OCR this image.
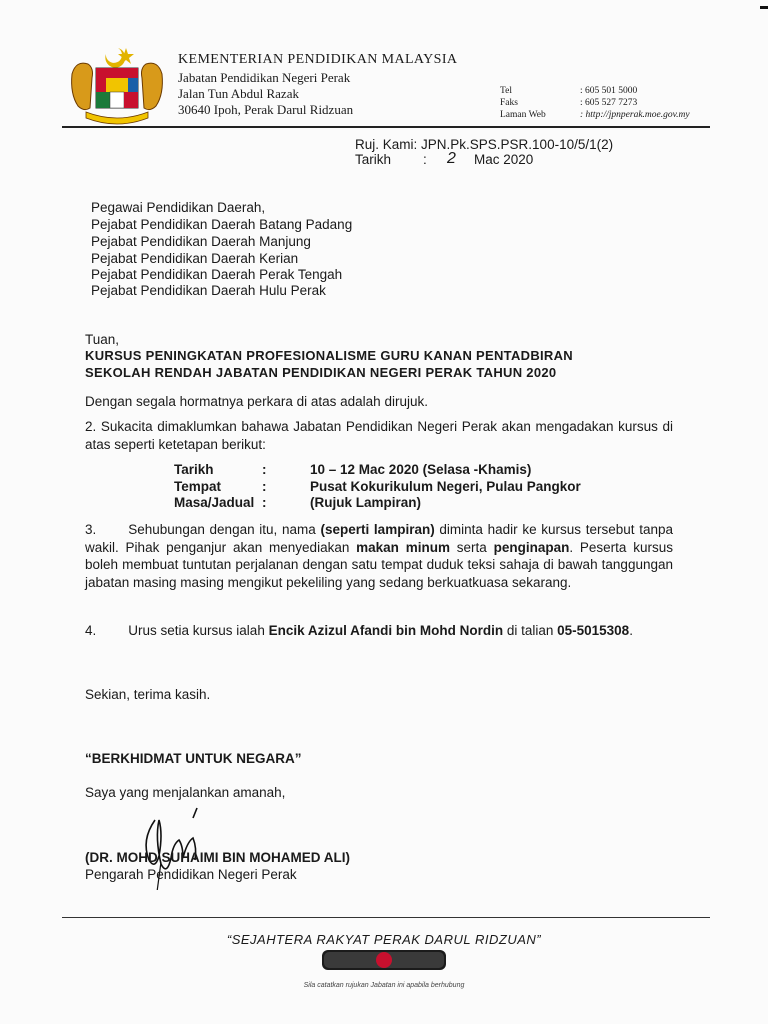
KEMENTERIAN PENDIDIKAN MALAYSIA
Jabatan Pendidikan Negeri Perak
Jalan Tun Abdul Razak
30640 Ipoh, Perak Darul Ridzuan
Tel	: 605 501 5000
Faks	: 605 527 7273
Laman Web	: http://jpnperak.moe.gov.my
Ruj. Kami: JPN.Pk.SPS.PSR.100-10/5/1(2)
Tarikh : 2 Mac 2020
Pegawai Pendidikan Daerah,
Pejabat Pendidikan Daerah Batang Padang
Pejabat Pendidikan Daerah Manjung
Pejabat Pendidikan Daerah Kerian
Pejabat Pendidikan Daerah Perak Tengah
Pejabat Pendidikan Daerah Hulu Perak
Tuan,
KURSUS PENINGKATAN PROFESIONALISME GURU KANAN PENTADBIRAN
SEKOLAH RENDAH JABATAN PENDIDIKAN NEGERI PERAK TAHUN 2020
Dengan segala hormatnya perkara di atas adalah dirujuk.
2. Sukacita dimaklumkan bahawa Jabatan Pendidikan Negeri Perak akan mengadakan kursus di atas seperti ketetapan berikut:
Tarikh	:	10 – 12 Mac 2020 (Selasa -Khamis)
Tempat	:	Pusat Kokurikulum Negeri, Pulau Pangkor
Masa/Jadual :	(Rujuk Lampiran)
3. Sehubungan dengan itu, nama (seperti lampiran) diminta hadir ke kursus tersebut tanpa wakil. Pihak penganjur akan menyediakan makan minum serta penginapan. Peserta kursus boleh membuat tuntutan perjalanan dengan satu tempat duduk teksi sahaja di bawah tanggungan jabatan masing masing mengikut pekeliling yang sedang berkuatkuasa sekarang.
4. Urus setia kursus ialah Encik Azizul Afandi bin Mohd Nordin di talian 05-5015308.
Sekian, terima kasih.
“BERKHIDMAT UNTUK NEGARA”
Saya yang menjalankan amanah,
(DR. MOHD SUHAIMI BIN MOHAMED ALI)
Pengarah Pendidikan Negeri Perak
“SEJAHTERA RAKYAT PERAK DARUL RIDZUAN”
Sila catatkan rujukan Jabatan ini apabila berhubung
